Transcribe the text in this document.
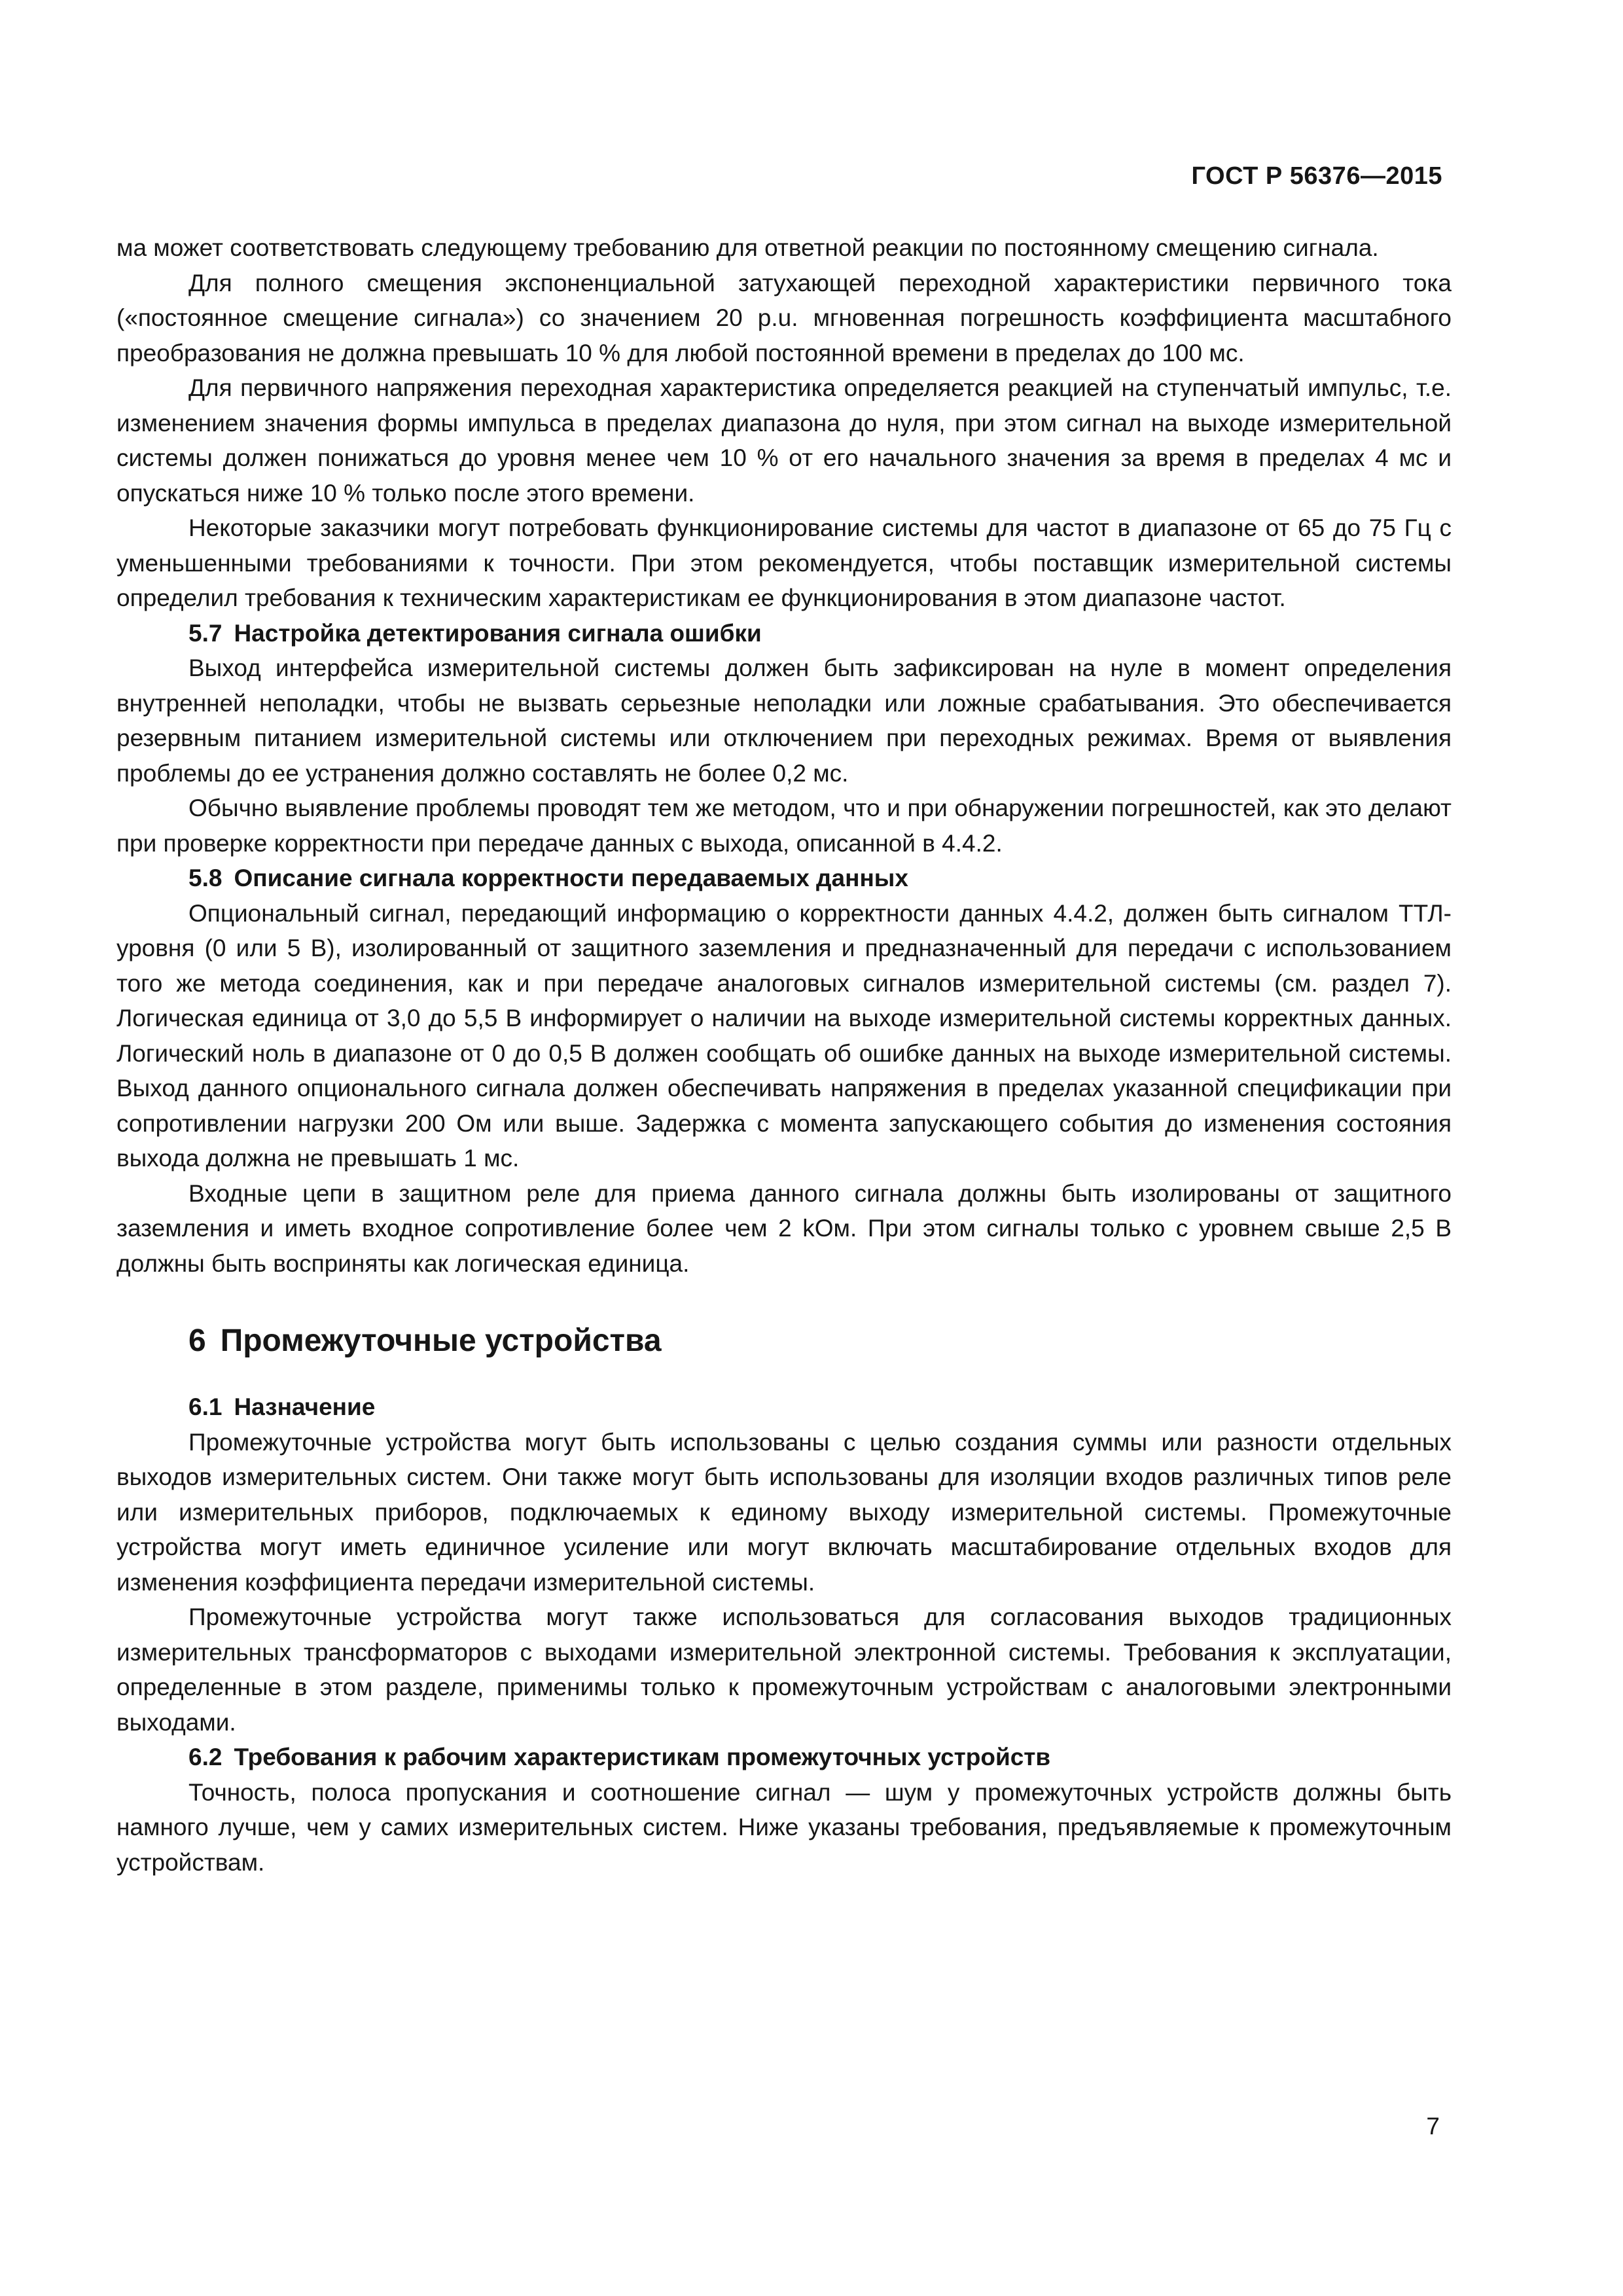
ГОСТ Р 56376—2015

ма может соответствовать следующему требованию для ответной реакции по постоянному смещению сигнала.

Для полного смещения экспоненциальной затухающей переходной характеристики первичного тока («постоянное смещение сигнала») со значением 20 p.u. мгновенная погрешность коэффициента масштабного преобразования не должна превышать 10 % для любой постоянной времени в пределах до 100 мс.

Для первичного напряжения переходная характеристика определяется реакцией на ступенчатый импульс, т.е. изменением значения формы импульса в пределах диапазона до нуля, при этом сигнал на выходе измерительной системы должен понижаться до уровня менее чем 10 % от его начального значения за время в пределах 4 мс и опускаться ниже 10 % только после этого времени.

Некоторые заказчики могут потребовать функционирование системы для частот в диапазоне от 65 до 75 Гц с уменьшенными требованиями к точности. При этом рекомендуется, чтобы поставщик измерительной системы определил требования к техническим характеристикам ее функционирования в этом диапазоне частот.

5.7 Настройка детектирования сигнала ошибки

Выход интерфейса измерительной системы должен быть зафиксирован на нуле в момент определения внутренней неполадки, чтобы не вызвать серьезные неполадки или ложные срабатывания. Это обеспечивается резервным питанием измерительной системы или отключением при переходных режимах. Время от выявления проблемы до ее устранения должно составлять не более 0,2 мс.

Обычно выявление проблемы проводят тем же методом, что и при обнаружении погрешностей, как это делают при проверке корректности при передаче данных с выхода, описанной в 4.4.2.

5.8 Описание сигнала корректности передаваемых данных

Опциональный сигнал, передающий информацию о корректности данных 4.4.2, должен быть сигналом ТТЛ-уровня (0 или 5 В), изолированный от защитного заземления и предназначенный для передачи с использованием того же метода соединения, как и при передаче аналоговых сигналов измерительной системы (см. раздел 7). Логическая единица от 3,0 до 5,5 В информирует о наличии на выходе измерительной системы корректных данных. Логический ноль в диапазоне от 0 до 0,5 В должен сообщать об ошибке данных на выходе измерительной системы. Выход данного опционального сигнала должен обеспечивать напряжения в пределах указанной спецификации при сопротивлении нагрузки 200 Ом или выше. Задержка с момента запускающего события до изменения состояния выхода должна не превышать 1 мс.

Входные цепи в защитном реле для приема данного сигнала должны быть изолированы от защитного заземления и иметь входное сопротивление более чем 2 kОм. При этом сигналы только с уровнем свыше 2,5 В должны быть восприняты как логическая единица.

6 Промежуточные устройства
6.1 Назначение

Промежуточные устройства могут быть использованы с целью создания суммы или разности отдельных выходов измерительных систем. Они также могут быть использованы для изоляции входов различных типов реле или измерительных приборов, подключаемых к единому выходу измерительной системы. Промежуточные устройства могут иметь единичное усиление или могут включать масштабирование отдельных входов для изменения коэффициента передачи измерительной системы.

Промежуточные устройства могут также использоваться для согласования выходов традиционных измерительных трансформаторов с выходами измерительной электронной системы. Требования к эксплуатации, определенные в этом разделе, применимы только к промежуточным устройствам с аналоговыми электронными выходами.

6.2 Требования к рабочим характеристикам промежуточных устройств

Точность, полоса пропускания и соотношение сигнал — шум у промежуточных устройств должны быть намного лучше, чем у самих измерительных систем. Ниже указаны требования, предъявляемые к промежуточным устройствам.

7
